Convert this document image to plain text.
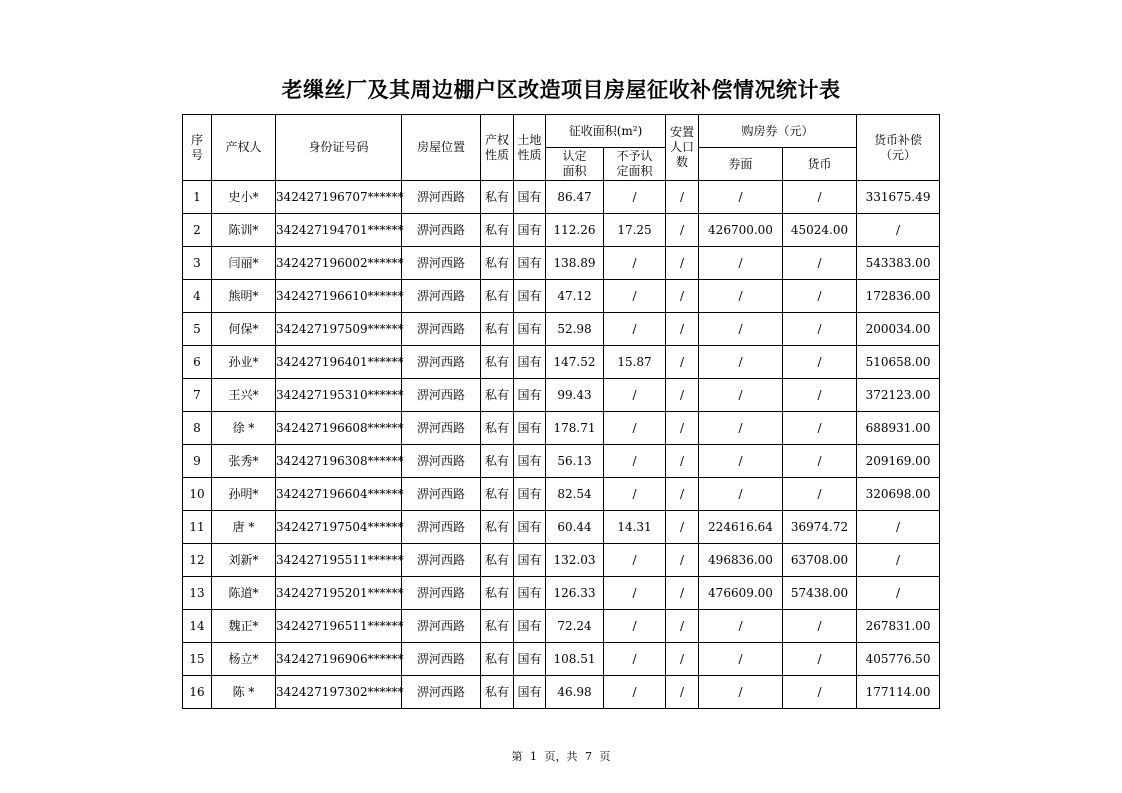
老缫丝厂及其周边棚户区改造项目房屋征收补偿情况统计表
序号	产权人	身份证号码	房屋位置	产权性质	土地性质	征收面积(m²)		安置人口数	购房券（元）		货币补偿（元）
						认定面积	不予认定面积		券面	货币	
1	史小*	342427196707******	淠河西路	私有	国有	86.47	/	/	/	/	331675.49
2	陈训*	342427194701******	淠河西路	私有	国有	112.26	17.25	/	426700.00	45024.00	/
3	闫丽*	342427196002******	淠河西路	私有	国有	138.89	/	/	/	/	543383.00
4	熊明*	342427196610******	淠河西路	私有	国有	47.12	/	/	/	/	172836.00
5	何保*	342427197509******	淠河西路	私有	国有	52.98	/	/	/	/	200034.00
6	孙业*	342427196401******	淠河西路	私有	国有	147.52	15.87	/	/	/	510658.00
7	王兴*	342427195310******	淠河西路	私有	国有	99.43	/	/	/	/	372123.00
8	徐 *	342427196608******	淠河西路	私有	国有	178.71	/	/	/	/	688931.00
9	张秀*	342427196308******	淠河西路	私有	国有	56.13	/	/	/	/	209169.00
10	孙明*	342427196604******	淠河西路	私有	国有	82.54	/	/	/	/	320698.00
11	唐 *	342427197504******	淠河西路	私有	国有	60.44	14.31	/	224616.64	36974.72	/
12	刘新*	342427195511******	淠河西路	私有	国有	132.03	/	/	496836.00	63708.00	/
13	陈道*	342427195201******	淠河西路	私有	国有	126.33	/	/	476609.00	57438.00	/
14	魏正*	342427196511******	淠河西路	私有	国有	72.24	/	/	/	/	267831.00
15	杨立*	342427196906******	淠河西路	私有	国有	108.51	/	/	/	/	405776.50
16	陈 *	342427197302******	淠河西路	私有	国有	46.98	/	/	/	/	177114.00
第 1 页，共 7 页
